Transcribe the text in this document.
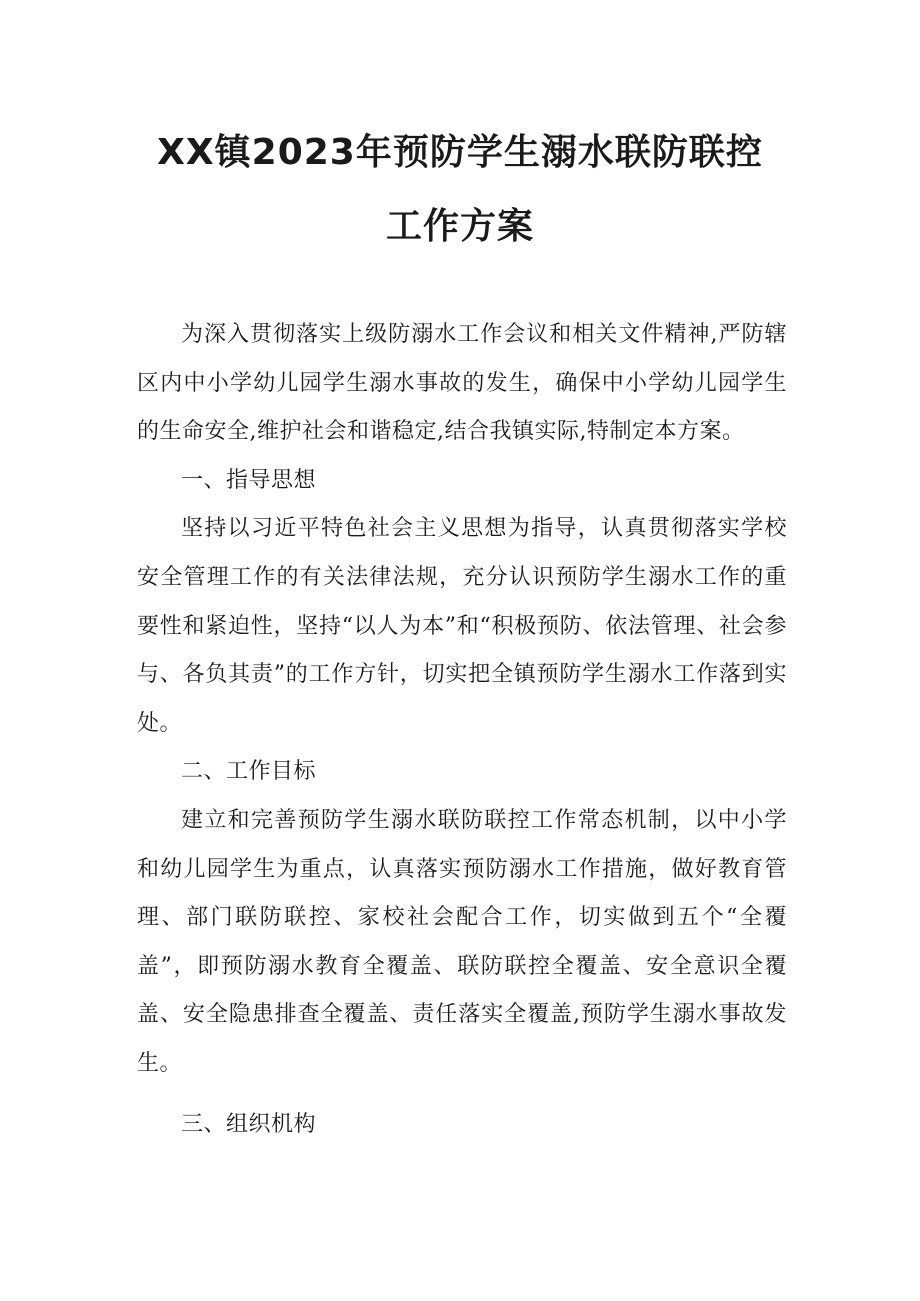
XX镇2023年预防学生溺水联防联控
工作方案

为深入贯彻落实上级防溺水工作会议和相关文件精神,严防辖区内中小学幼儿园学生溺水事故的发生，确保中小学幼儿园学生的生命安全,维护社会和谐稳定,结合我镇实际,特制定本方案。

一、指导思想

坚持以习近平特色社会主义思想为指导，认真贯彻落实学校安全管理工作的有关法律法规，充分认识预防学生溺水工作的重要性和紧迫性，坚持“以人为本”和“积极预防、依法管理、社会参与、各负其责”的工作方针，切实把全镇预防学生溺水工作落到实处。

二、工作目标

建立和完善预防学生溺水联防联控工作常态机制，以中小学和幼儿园学生为重点，认真落实预防溺水工作措施，做好教育管理、部门联防联控、家校社会配合工作，切实做到五个“全覆盖”，即预防溺水教育全覆盖、联防联控全覆盖、安全意识全覆盖、安全隐患排查全覆盖、责任落实全覆盖,预防学生溺水事故发生。

三、组织机构
